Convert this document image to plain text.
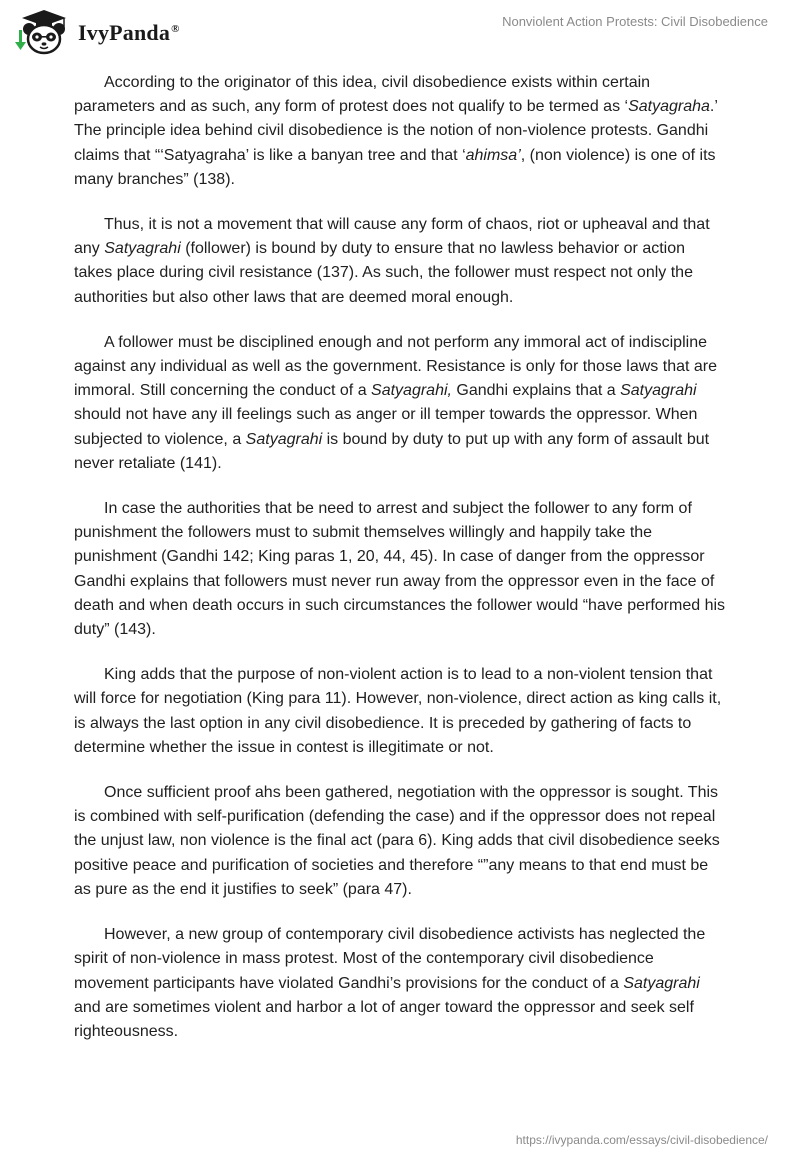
IvyPanda®	Nonviolent Action Protests: Civil Disobedience

According to the originator of this idea, civil disobedience exists within certain parameters and as such, any form of protest does not qualify to be termed as ‘Satyagraha.’ The principle idea behind civil disobedience is the notion of non-violence protests. Gandhi claims that “‘Satyagraha’ is like a banyan tree and that ‘ahimsa’, (non violence) is one of its many branches” (138).

Thus, it is not a movement that will cause any form of chaos, riot or upheaval and that any Satyagrahi (follower) is bound by duty to ensure that no lawless behavior or action takes place during civil resistance (137). As such, the follower must respect not only the authorities but also other laws that are deemed moral enough.

A follower must be disciplined enough and not perform any immoral act of indiscipline against any individual as well as the government. Resistance is only for those laws that are immoral. Still concerning the conduct of a Satyagrahi, Gandhi explains that a Satyagrahi should not have any ill feelings such as anger or ill temper towards the oppressor. When subjected to violence, a Satyagrahi is bound by duty to put up with any form of assault but never retaliate (141).

In case the authorities that be need to arrest and subject the follower to any form of punishment the followers must to submit themselves willingly and happily take the punishment (Gandhi 142; King paras 1, 20, 44, 45). In case of danger from the oppressor Gandhi explains that followers must never run away from the oppressor even in the face of death and when death occurs in such circumstances the follower would “have performed his duty” (143).

King adds that the purpose of non-violent action is to lead to a non-violent tension that will force for negotiation (King para 11). However, non-violence, direct action as king calls it, is always the last option in any civil disobedience. It is preceded by gathering of facts to determine whether the issue in contest is illegitimate or not.

Once sufficient proof ahs been gathered, negotiation with the oppressor is sought. This is combined with self-purification (defending the case) and if the oppressor does not repeal the unjust law, non violence is the final act (para 6). King adds that civil disobedience seeks positive peace and purification of societies and therefore “”any means to that end must be as pure as the end it justifies to seek” (para 47).

However, a new group of contemporary civil disobedience activists has neglected the spirit of non-violence in mass protest. Most of the contemporary civil disobedience movement participants have violated Gandhi’s provisions for the conduct of a Satyagrahi and are sometimes violent and harbor a lot of anger toward the oppressor and seek self righteousness.

https://ivypanda.com/essays/civil-disobedience/
